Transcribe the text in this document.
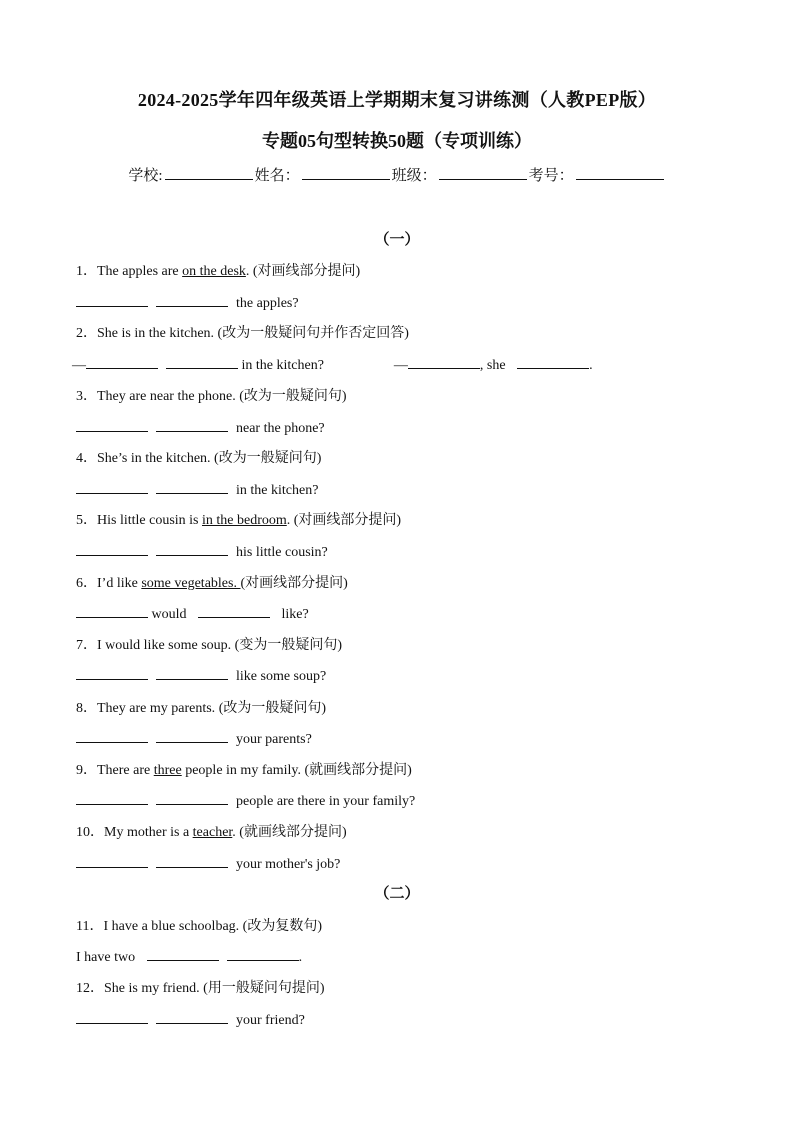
2024-2025学年四年级英语上学期期末复习讲练测（人教PEP版）
专题05句型转换50题（专项训练）
学校:	姓名：	班级：	考号：
（一）
1．The apples are on the desk. (对画线部分提问)
the apples?
2．She is in the kitchen. (改为一般疑问句并作否定回答)
—	in the kitchen?	—	, she	.
3．They are near the phone. (改为一般疑问句)
near the phone?
4．She’s in the kitchen. (改为一般疑问句)
in the kitchen?
5．His little cousin is in the bedroom. (对画线部分提问)
his little cousin?
6．I’d like some vegetables. (对画线部分提问)
would	like?
7．I would like some soup. (变为一般疑问句)
like some soup?
8．They are my parents. (改为一般疑问句)
your parents?
9．There are three people in my family. (就画线部分提问)
people are there in your family?
10．My mother is a teacher. (就画线部分提问)
your mother's job?
（二）
11．I have a blue schoolbag. (改为复数句)
I have two	.
12．She is my friend. (用一般疑问句提问)
your friend?
